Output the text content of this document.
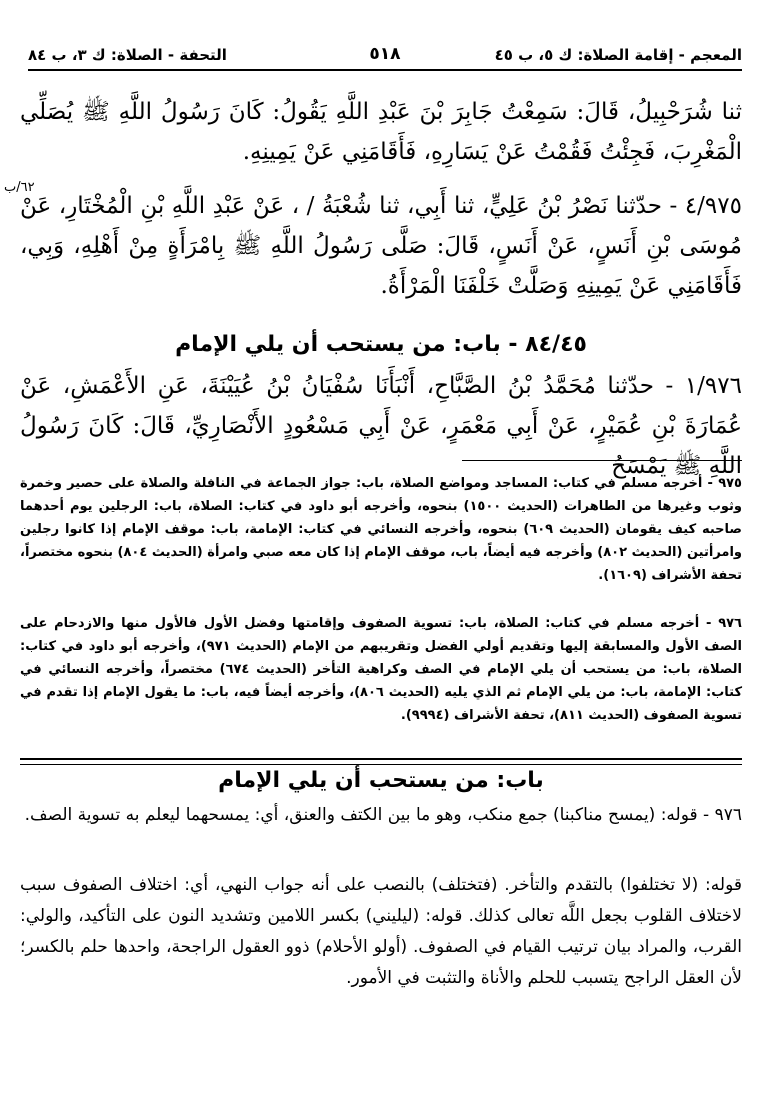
المعجم - إقامة الصلاة: ك ٥، ب ٤٥
٥١٨
التحفة - الصلاة: ك ٣، ب ٨٤
ثنا شُرَحْبِيلُ، قَالَ: سَمِعْتُ جَابِرَ بْنَ عَبْدِ اللَّهِ يَقُولُ: كَانَ رَسُولُ اللَّهِ ﷺ يُصَلِّي الْمَغْرِبَ، فَجِئْتُ فَقُمْتُ عَنْ يَسَارِهِ، فَأَقَامَنِي عَنْ يَمِينِهِ.
٦٢/ب
٤/٩٧٥ - حدّثنا نَصْرُ بْنُ عَلِيٍّ، ثنا أَبِي، ثنا شُعْبَةُ / ، عَنْ عَبْدِ اللَّهِ بْنِ الْمُخْتَارِ، عَنْ مُوسَى بْنِ أَنَسٍ، عَنْ أَنَسٍ، قَالَ: صَلَّى رَسُولُ اللَّهِ ﷺ بِامْرَأَةٍ مِنْ أَهْلِهِ، وَبِي، فَأَقَامَنِي عَنْ يَمِينِهِ وَصَلَّتْ خَلْفَنَا الْمَرْأَةُ.
٨٤/٤٥ - باب: من يستحب أن يلي الإمام
١/٩٧٦ - حدّثنا مُحَمَّدُ بْنُ الصَّبَّاحِ، أَنْبَأَنَا سُفْيَانُ بْنُ عُيَيْنَةَ، عَنِ الأَعْمَشِ، عَنْ عُمَارَةَ بْنِ عُمَيْرٍ، عَنْ أَبِي مَعْمَرٍ، عَنْ أَبِي مَسْعُودٍ الأَنْصَارِيِّ، قَالَ: كَانَ رَسُولُ اللَّهِ ﷺ يَمْسَحُ
٩٧٥ - أخرجه مسلم في كتاب: المساجد ومواضع الصلاة، باب: جواز الجماعة في النافلة والصلاة على حصير وخمرة وثوب وغيرها من الطاهرات (الحديث ١٥٠٠) بنحوه، وأخرجه أبو داود في كتاب: الصلاة، باب: الرجلين يوم أحدهما صاحبه كيف يقومان (الحديث ٦٠٩) بنحوه، وأخرجه النسائي في كتاب: الإمامة، باب: موقف الإمام إذا كانوا رجلين وامرأتين (الحديث ٨٠٢) وأخرجه فيه أيضاً، باب، موقف الإمام إذا كان معه صبي وامرأة (الحديث ٨٠٤) بنحوه مختصراً، تحفة الأشراف (١٦٠٩).
٩٧٦ - أخرجه مسلم في كتاب: الصلاة، باب: تسوية الصفوف وإقامتها وفضل الأول فالأول منها والازدحام على الصف الأول والمسابقة إليها وتقديم أولي الفضل وتقريبهم من الإمام (الحديث ٩٧١)، وأخرجه أبو داود في كتاب: الصلاة، باب: من يستحب أن يلي الإمام في الصف وكراهية التأخر (الحديث ٦٧٤) مختصراً، وأخرجه النسائي في كتاب: الإمامة، باب: من يلي الإمام ثم الذي يليه (الحديث ٨٠٦)، وأخرجه أيضاً فيه، باب: ما يقول الإمام إذا تقدم في تسوية الصفوف (الحديث ٨١١)، تحفة الأشراف (٩٩٩٤).
باب: من يستحب أن يلي الإمام
٩٧٦ - قوله: (يمسح مناكبنا) جمع منكب، وهو ما بين الكتف والعنق، أي: يمسحهما ليعلم به تسوية الصف.
قوله: (لا تختلفوا) بالتقدم والتأخر. (فتختلف) بالنصب على أنه جواب النهي، أي: اختلاف الصفوف سبب لاختلاف القلوب بجعل اللَّه تعالى كذلك. قوله: (ليليني) بكسر اللامين وتشديد النون على التأكيد، والولي: القرب، والمراد بيان ترتيب القيام في الصفوف. (أولو الأحلام) ذوو العقول الراجحة، واحدها حلم بالكسر؛ لأن العقل الراجح يتسبب للحلم والأناة والتثبت في الأمور.
